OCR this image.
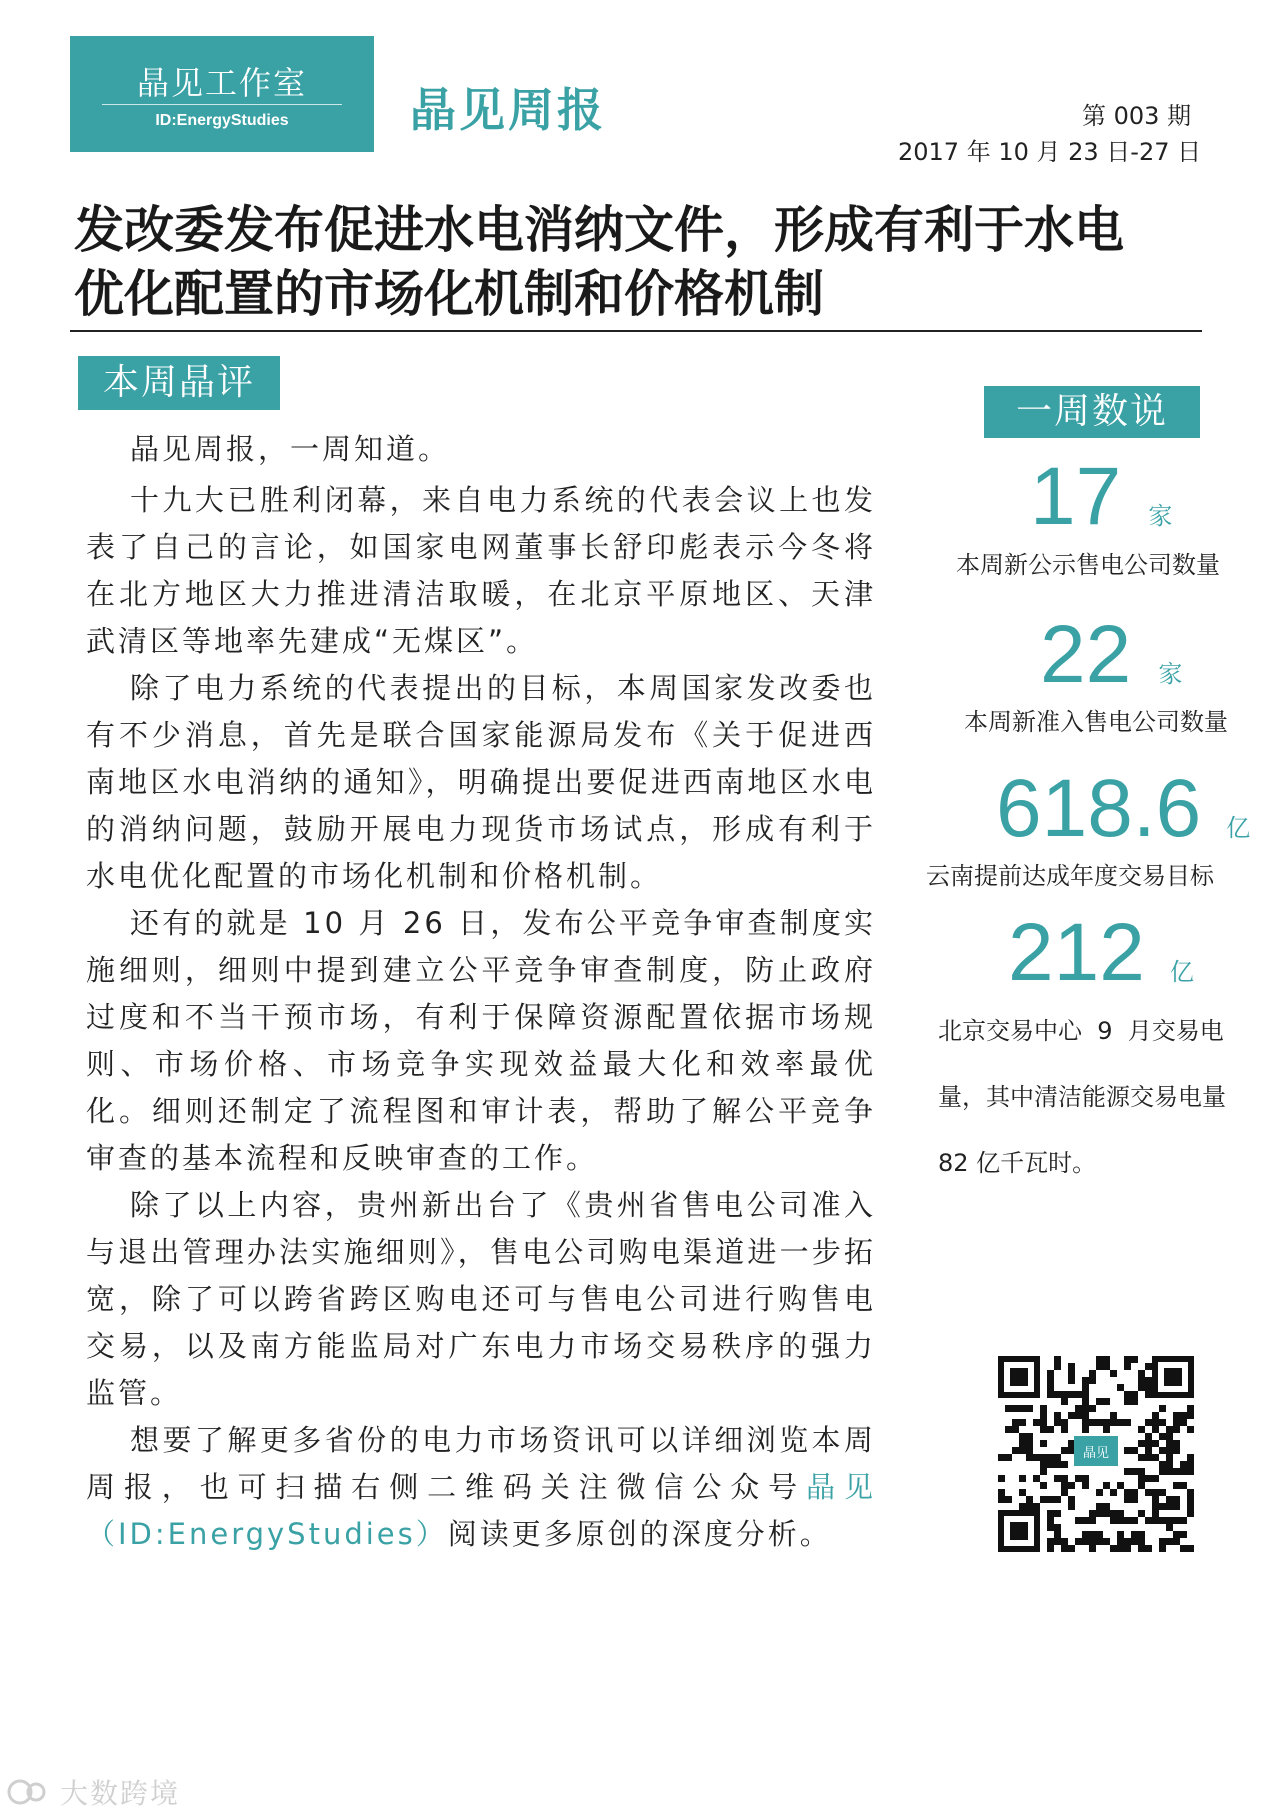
晶见工作室
ID:EnergyStudies	晶见周报	第 003 期
2017 年 10 月 23 日-27 日
发改委发布促进水电消纳文件，形成有利于水电
优化配置的市场化机制和价格机制
本周晶评

晶见周报，一周知道。

十九大已胜利闭幕，来自电力系统的代表会议上也发表了自己的言论，如国家电网董事长舒印彪表示今冬将在北方地区大力推进清洁取暖，在北京平原地区、天津武清区等地率先建成“无煤区”。

除了电力系统的代表提出的目标，本周国家发改委也有不少消息，首先是联合国家能源局发布《关于促进西南地区水电消纳的通知》，明确提出要促进西南地区水电的消纳问题，鼓励开展电力现货市场试点，形成有利于水电优化配置的市场化机制和价格机制。

还有的就是 10 月 26 日，发布公平竞争审查制度实施细则，细则中提到建立公平竞争审查制度，防止政府过度和不当干预市场，有利于保障资源配置依据市场规则、市场价格、市场竞争实现效益最大化和效率最优化。细则还制定了流程图和审计表，帮助了解公平竞争审查的基本流程和反映审查的工作。

除了以上内容，贵州新出台了《贵州省售电公司准入与退出管理办法实施细则》，售电公司购电渠道进一步拓宽，除了可以跨省跨区购电还可与售电公司进行购售电交易，以及南方能监局对广东电力市场交易秩序的强力监管。

想要了解更多省份的电力市场资讯可以详细浏览本周周报，也可扫描右侧二维码关注微信公众号晶见（ID:EnergyStudies）阅读更多原创的深度分析。

一周数说
17 家
本周新公示售电公司数量
22 家
本周新准入售电公司数量
618.6 亿
云南提前达成年度交易目标
212 亿
北京交易中心  9  月交易电
量，其中清洁能源交易电量
82 亿千瓦时。
晶见
大数跨境
